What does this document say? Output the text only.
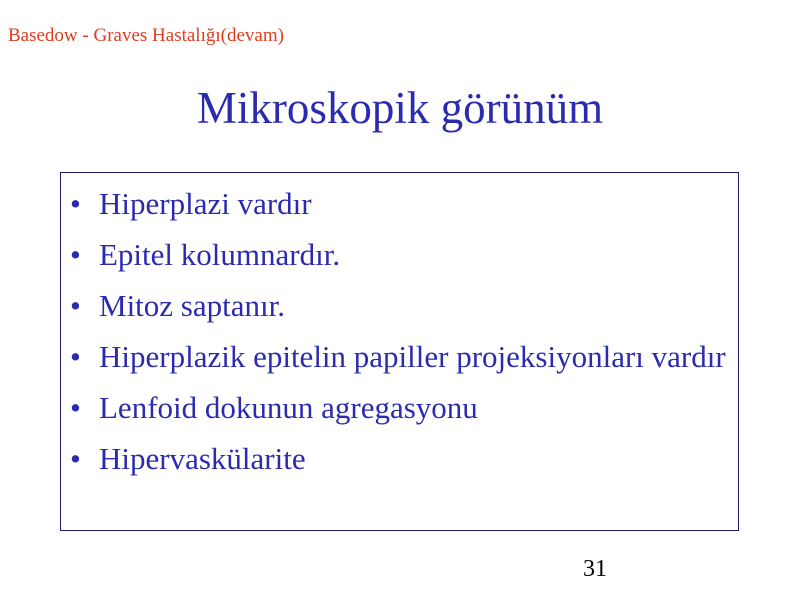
Basedow - Graves Hastalığı(devam)
Mikroskopik görünüm
• Hiperplazi vardır
• Epitel kolumnardır.
• Mitoz saptanır.
• Hiperplazik epitelin papiller projeksiyonları vardır
• Lenfoid dokunun agregasyonu
• Hipervaskülarite
31
